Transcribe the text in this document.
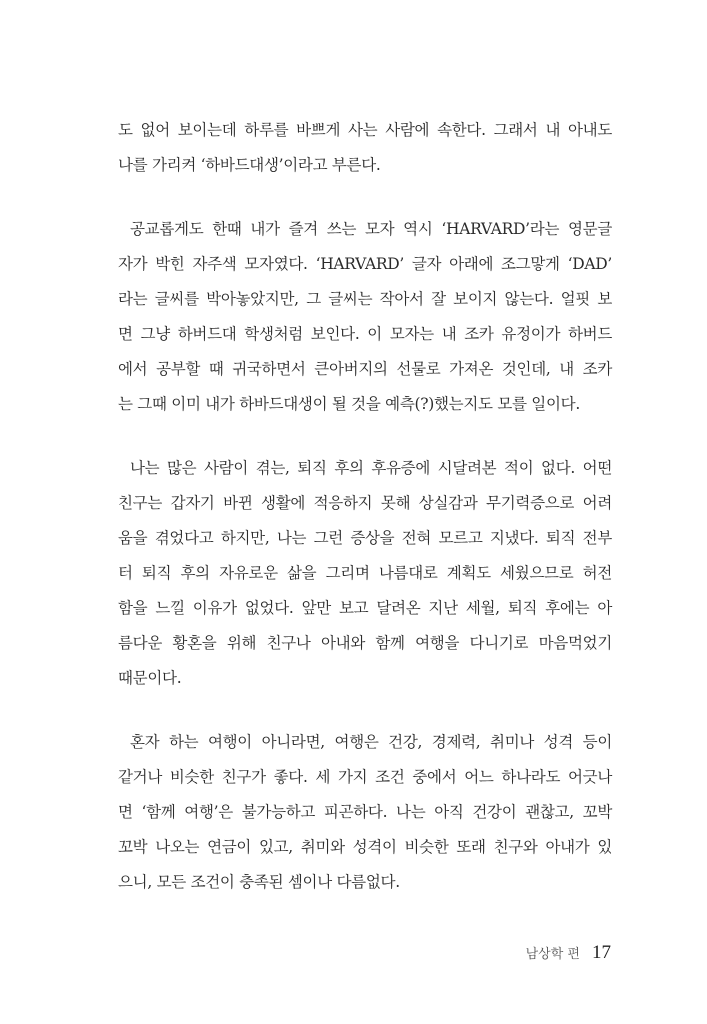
도 없어 보이는데 하루를 바쁘게 사는 사람에 속한다. 그래서 내 아내도
나를 가리켜 ‘하바드대생’이라고 부른다.

공교롭게도 한때 내가 즐겨 쓰는 모자 역시 ‘HARVARD’라는 영문글
자가 박힌 자주색 모자였다. ‘HARVARD’ 글자 아래에 조그맣게 ‘DAD’
라는 글씨를 박아놓았지만, 그 글씨는 작아서 잘 보이지 않는다. 얼핏 보
면 그냥 하버드대 학생처럼 보인다. 이 모자는 내 조카 유정이가 하버드
에서 공부할 때 귀국하면서 큰아버지의 선물로 가져온 것인데, 내 조카
는 그때 이미 내가 하바드대생이 될 것을 예측(?)했는지도 모를 일이다.

나는 많은 사람이 겪는, 퇴직 후의 후유증에 시달려본 적이 없다. 어떤
친구는 갑자기 바뀐 생활에 적응하지 못해 상실감과 무기력증으로 어려
움을 겪었다고 하지만, 나는 그런 증상을 전혀 모르고 지냈다. 퇴직 전부
터 퇴직 후의 자유로운 삶을 그리며 나름대로 계획도 세웠으므로 허전
함을 느낄 이유가 없었다. 앞만 보고 달려온 지난 세월, 퇴직 후에는 아
름다운 황혼을 위해 친구나 아내와 함께 여행을 다니기로 마음먹었기
때문이다.

혼자 하는 여행이 아니라면, 여행은 건강, 경제력, 취미나 성격 등이
같거나 비슷한 친구가 좋다. 세 가지 조건 중에서 어느 하나라도 어긋나
면 ‘함께 여행’은 불가능하고 피곤하다. 나는 아직 건강이 괜찮고, 꼬박
꼬박 나오는 연금이 있고, 취미와 성격이 비슷한 또래 친구와 아내가 있
으니, 모든 조건이 충족된 셈이나 다름없다.

남상학 편 17
